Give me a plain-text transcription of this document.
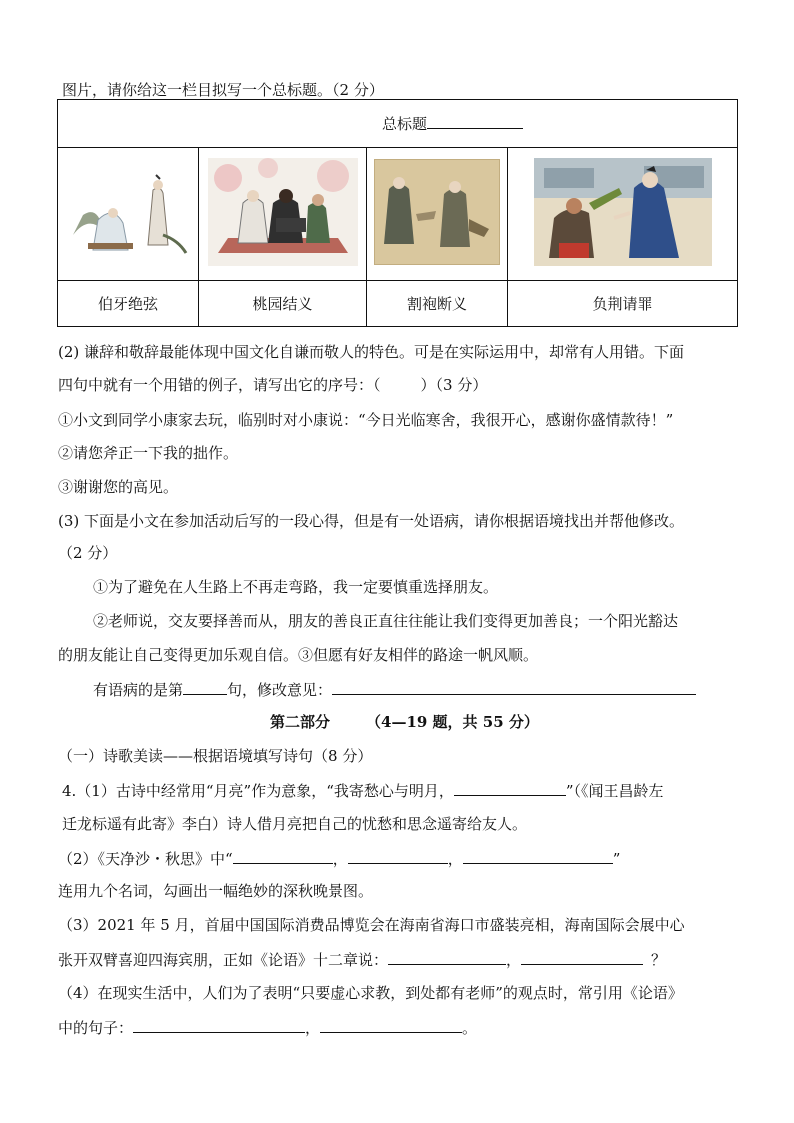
图片，请你给这一栏目拟写一个总标题。（2 分）
总标题			

伯牙绝弦	桃园结义	割袍断义	负荆请罪
(2) 谦辞和敬辞最能体现中国文化自谦而敬人的特色。可是在实际运用中，却常有人用错。下面
四句中就有一个用错的例子，请写出它的序号：（	）（3 分）
①小文到同学小康家去玩，临别时对小康说：“今日光临寒舍，我很开心，感谢你盛情款待！”
②请您斧正一下我的拙作。
③谢谢您的高见。
(3) 下面是小文在参加活动后写的一段心得，但是有一处语病，请你根据语境找出并帮他修改。
（2 分）
①为了避免在人生路上不再走弯路，我一定要慎重选择朋友。
②老师说，交友要择善而从，朋友的善良正直往往能让我们变得更加善良；一个阳光豁达
的朋友能让自己变得更加乐观自信。③但愿有好友相伴的路途一帆风顺。
有语病的是第	句，修改意见：
第二部分 （4—19 题，共 55 分）
（一）诗歌美读——根据语境填写诗句（8 分）
4.（1）古诗中经常用“月亮”作为意象，“我寄愁心与明月，	”（《闻王昌龄左
迁龙标遥有此寄》李白）诗人借月亮把自己的忧愁和思念遥寄给友人。
（2）《天净沙・秋思》中“	，	，	”
连用九个名词，勾画出一幅绝妙的深秋晚景图。
（3）2021 年 5 月，首届中国国际消费品博览会在海南省海口市盛装亮相，海南国际会展中心
张开双臂喜迎四海宾朋，正如《论语》十二章说：	，	？
（4）在现实生活中，人们为了表明“只要虚心求教，到处都有老师”的观点时，常引用《论语》
中的句子：	，	。
